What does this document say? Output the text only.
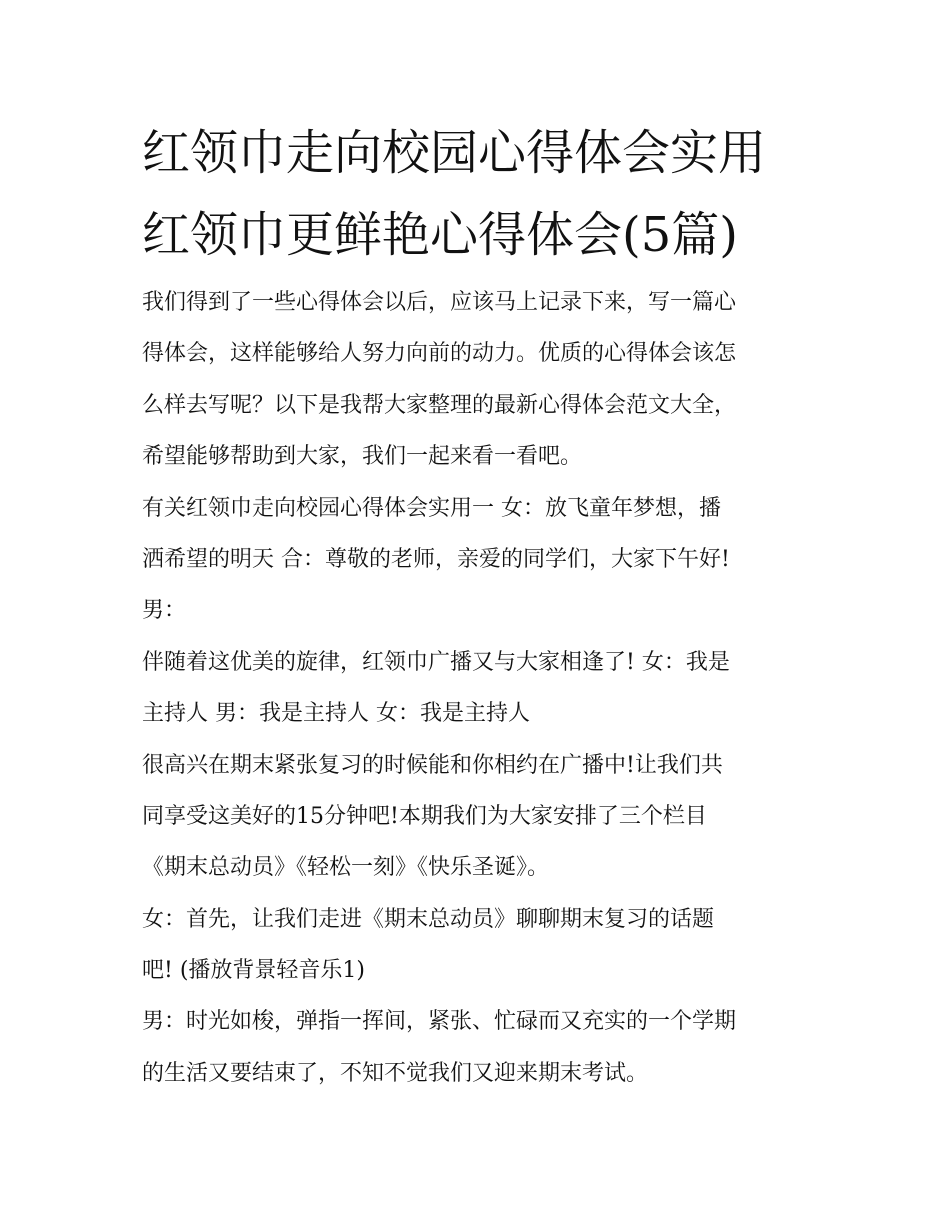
红领巾走向校园心得体会实用
红领巾更鲜艳心得体会(5篇)
我们得到了一些心得体会以后，应该马上记录下来，写一篇心
得体会，这样能够给人努力向前的动力。优质的心得体会该怎
么样去写呢？以下是我帮大家整理的最新心得体会范文大全，
希望能够帮助到大家，我们一起来看一看吧。
有关红领巾走向校园心得体会实用一 女：放飞童年梦想，播
洒希望的明天 合：尊敬的老师，亲爱的同学们，大家下午好!
男：
伴随着这优美的旋律，红领巾广播又与大家相逢了! 女：我是
主持人 男：我是主持人 女：我是主持人
很高兴在期末紧张复习的时候能和你相约在广播中!让我们共
同享受这美好的15分钟吧!本期我们为大家安排了三个栏目
《期末总动员》《轻松一刻》《快乐圣诞》。
女：首先，让我们走进《期末总动员》聊聊期末复习的话题
吧! (播放背景轻音乐1)
男：时光如梭，弹指一挥间，紧张、忙碌而又充实的一个学期
的生活又要结束了，不知不觉我们又迎来期末考试。
